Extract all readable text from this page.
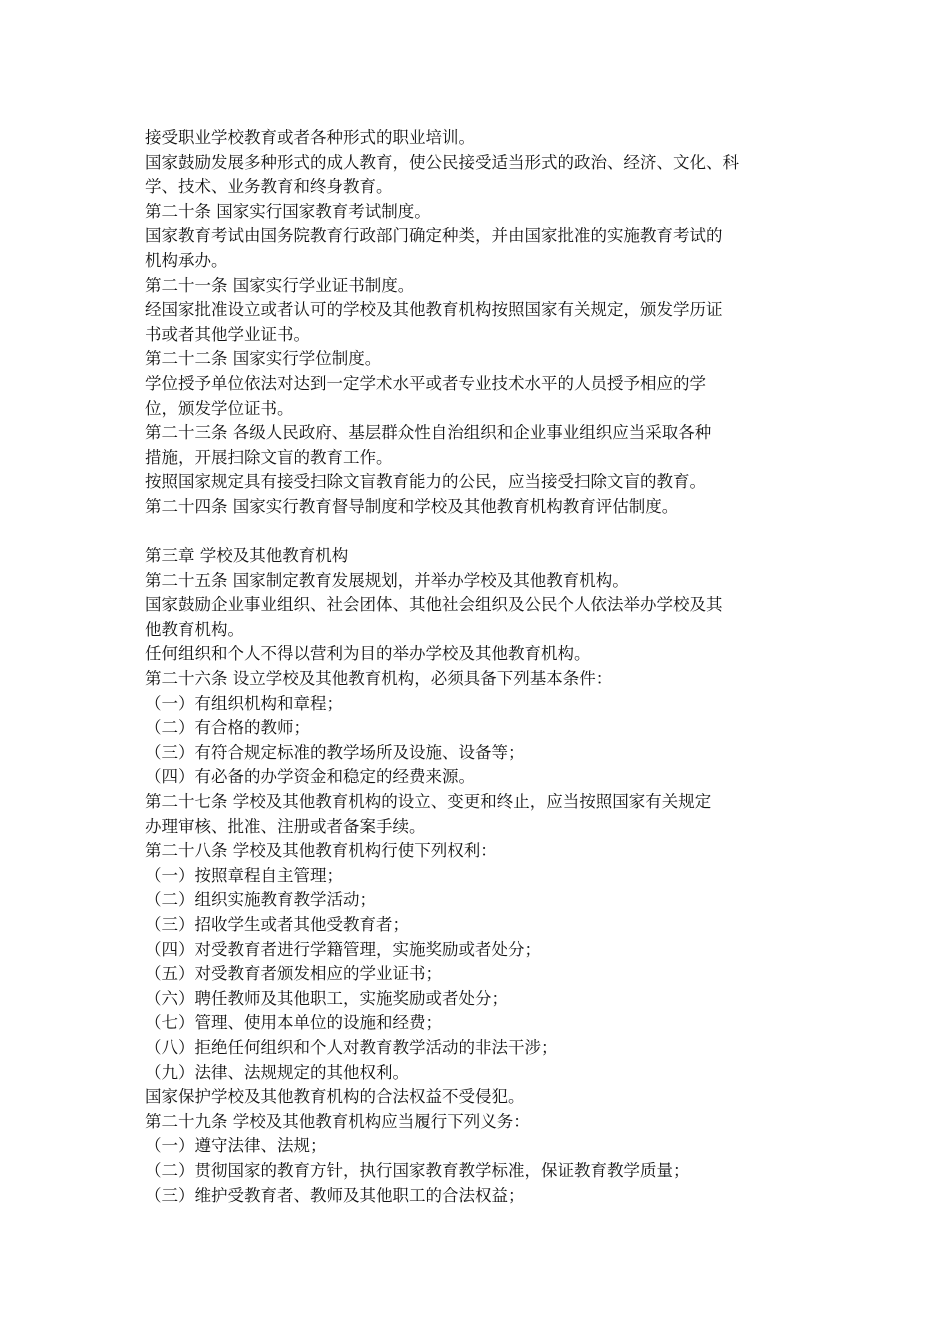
接受职业学校教育或者各种形式的职业培训。
国家鼓励发展多种形式的成人教育，使公民接受适当形式的政治、经济、文化、科
学、技术、业务教育和终身教育。
第二十条 国家实行国家教育考试制度。
国家教育考试由国务院教育行政部门确定种类，并由国家批准的实施教育考试的
机构承办。
第二十一条 国家实行学业证书制度。
经国家批准设立或者认可的学校及其他教育机构按照国家有关规定，颁发学历证
书或者其他学业证书。
第二十二条 国家实行学位制度。
学位授予单位依法对达到一定学术水平或者专业技术水平的人员授予相应的学
位，颁发学位证书。
第二十三条 各级人民政府、基层群众性自治组织和企业事业组织应当采取各种
措施，开展扫除文盲的教育工作。
按照国家规定具有接受扫除文盲教育能力的公民，应当接受扫除文盲的教育。
第二十四条 国家实行教育督导制度和学校及其他教育机构教育评估制度。
第三章 学校及其他教育机构
第二十五条 国家制定教育发展规划，并举办学校及其他教育机构。
国家鼓励企业事业组织、社会团体、其他社会组织及公民个人依法举办学校及其
他教育机构。
任何组织和个人不得以营利为目的举办学校及其他教育机构。
第二十六条 设立学校及其他教育机构，必须具备下列基本条件：
（一）有组织机构和章程；
（二）有合格的教师；
（三）有符合规定标准的教学场所及设施、设备等；
（四）有必备的办学资金和稳定的经费来源。
第二十七条 学校及其他教育机构的设立、变更和终止，应当按照国家有关规定
办理审核、批准、注册或者备案手续。
第二十八条 学校及其他教育机构行使下列权利：
（一）按照章程自主管理；
（二）组织实施教育教学活动；
（三）招收学生或者其他受教育者；
（四）对受教育者进行学籍管理，实施奖励或者处分；
（五）对受教育者颁发相应的学业证书；
（六）聘任教师及其他职工，实施奖励或者处分；
（七）管理、使用本单位的设施和经费；
（八）拒绝任何组织和个人对教育教学活动的非法干涉；
（九）法律、法规规定的其他权利。
国家保护学校及其他教育机构的合法权益不受侵犯。
第二十九条 学校及其他教育机构应当履行下列义务：
（一）遵守法律、法规；
（二）贯彻国家的教育方针，执行国家教育教学标准，保证教育教学质量；
（三）维护受教育者、教师及其他职工的合法权益；
